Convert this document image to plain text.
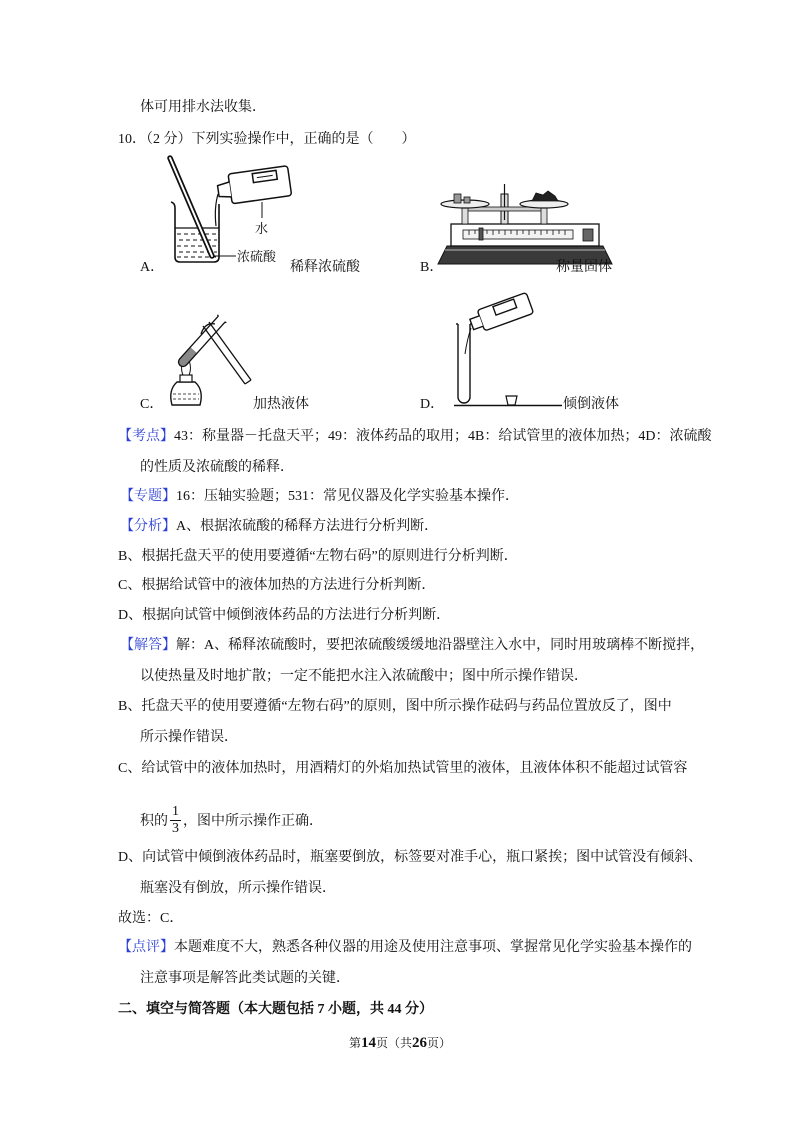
体可用排水法收集．
10．（2 分）下列实验操作中，正确的是（　　）
水
浓硫酸
A．	稀释浓硫酸	B．	称量固体
C．	加热液体	D．	倾倒液体
【考点】43：称量器－托盘天平；49：液体药品的取用；4B：给试管里的液体加热；4D：浓硫酸
的性质及浓硫酸的稀释．
【专题】16：压轴实验题；531：常见仪器及化学实验基本操作．
【分析】A、根据浓硫酸的稀释方法进行分析判断．
B、根据托盘天平的使用要遵循“左物右码”的原则进行分析判断．
C、根据给试管中的液体加热的方法进行分析判断．
D、根据向试管中倾倒液体药品的方法进行分析判断．
【解答】解：A、稀释浓硫酸时，要把浓硫酸缓缓地沿器壁注入水中，同时用玻璃棒不断搅拌，
以使热量及时地扩散；一定不能把水注入浓硫酸中；图中所示操作错误．
B、托盘天平的使用要遵循“左物右码”的原则，图中所示操作砝码与药品位置放反了，图中
所示操作错误．
C、给试管中的液体加热时，用酒精灯的外焰加热试管里的液体，且液体体积不能超过试管容
积的 $\frac{1}{3}$ ，图中所示操作正确．
D、向试管中倾倒液体药品时，瓶塞要倒放，标签要对准手心，瓶口紧挨；图中试管没有倾斜、
瓶塞没有倒放，所示操作错误．
故选：C．
【点评】本题难度不大，熟悉各种仪器的用途及使用注意事项、掌握常见化学实验基本操作的
注意事项是解答此类试题的关键．
二、填空与简答题（本大题包括 7 小题，共 44 分）
第14页（共26页）
